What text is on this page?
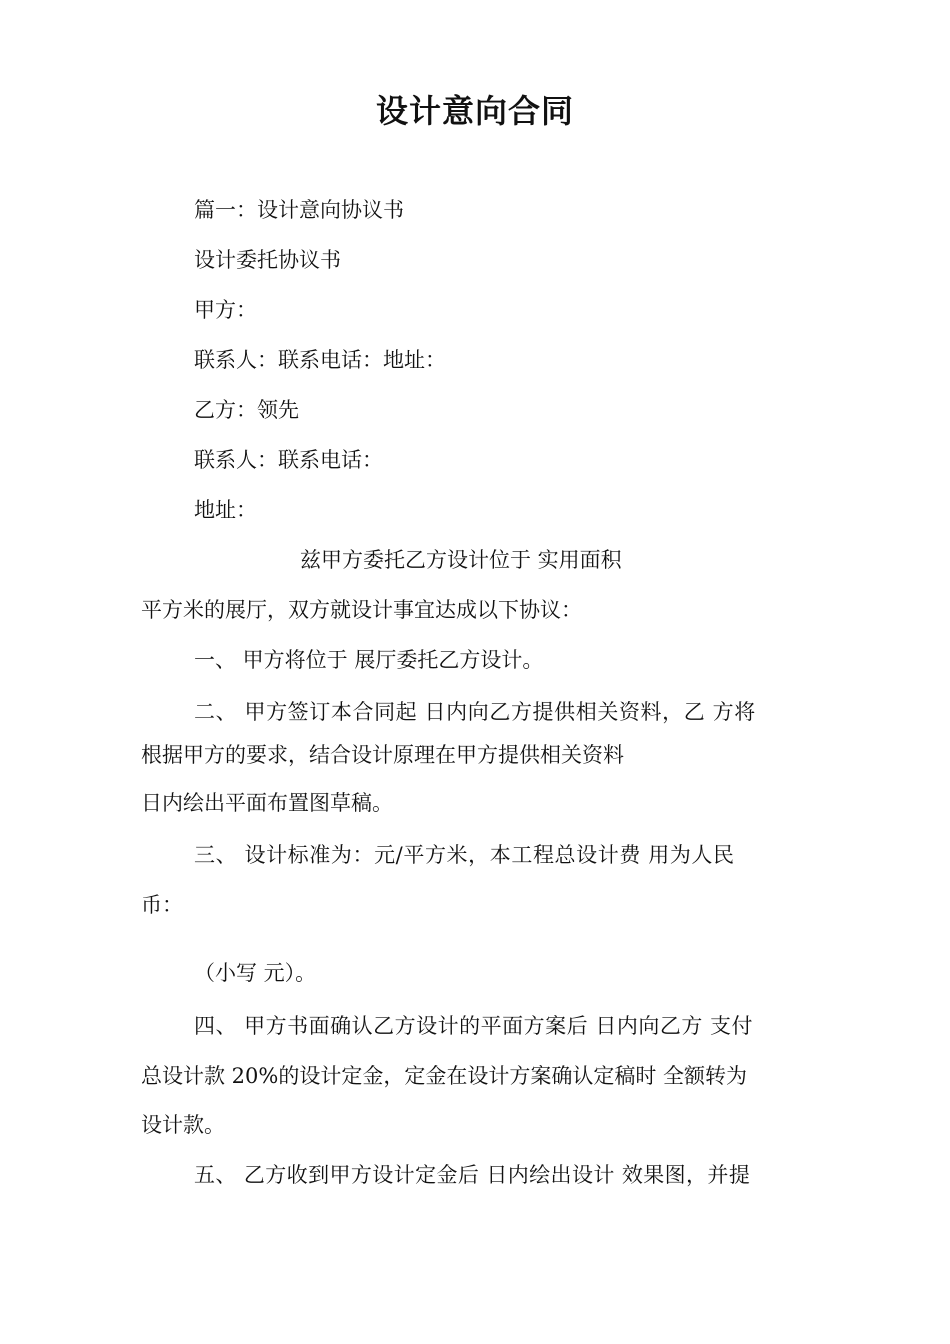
设计意向合同
篇一：设计意向协议书
设计委托协议书
甲方：
联系人：联系电话：地址：
乙方：领先
联系人：联系电话：
地址：
兹甲方委托乙方设计位于 实用面积
平方米的展厅，双方就设计事宜达成以下协议：
一、 甲方将位于 展厅委托乙方设计。
二、 甲方签订本合同起 日内向乙方提供相关资料，乙 方将
根据甲方的要求，结合设计原理在甲方提供相关资料
日内绘出平面布置图草稿。
三、 设计标准为：元/平方米，本工程总设计费 用为人民
币：
（小写 元）。
四、 甲方书面确认乙方设计的平面方案后 日内向乙方 支付
总设计款 20%的设计定金，定金在设计方案确认定稿时 全额转为
设计款。
五、 乙方收到甲方设计定金后 日内绘出设计 效果图，并提
